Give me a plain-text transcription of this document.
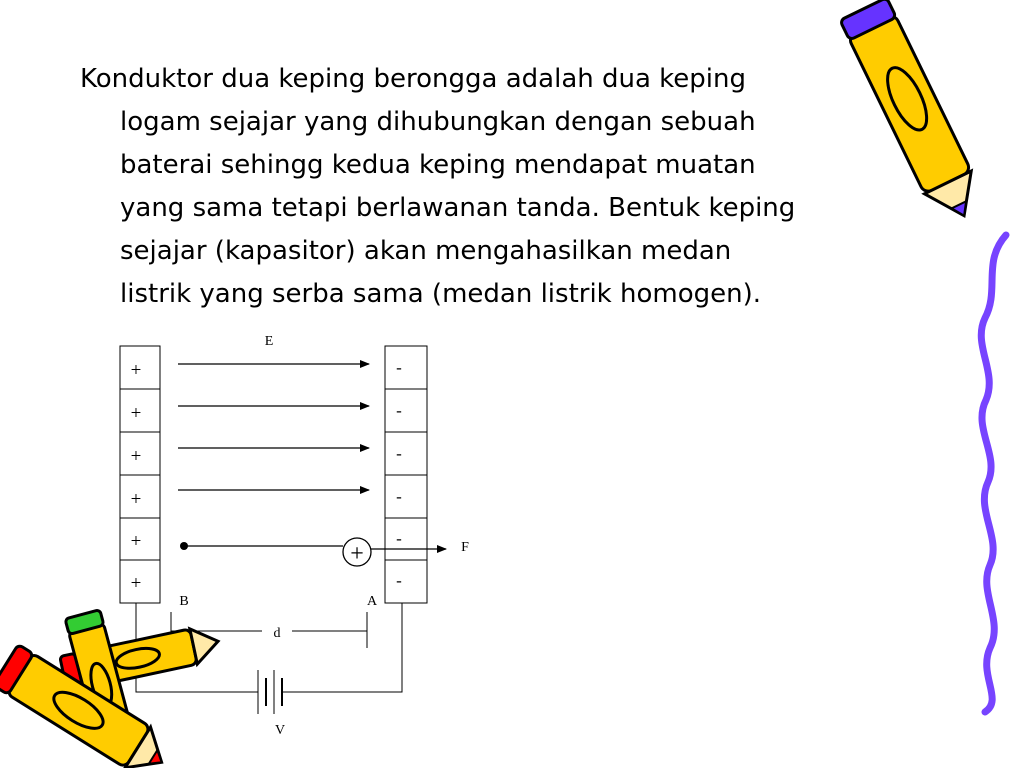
Konduktor dua keping berongga adalah dua keping
logam sejajar yang dihubungkan dengan sebuah
baterai sehingg kedua keping mendapat muatan
yang sama tetapi berlawanan tanda. Bentuk keping
sejajar (kapasitor) akan mengahasilkan medan
listrik yang serba sama (medan listrik homogen).
+
+
+
+
+
+
-
-
-
-
-
-
E
+	F
B	A
d
V
